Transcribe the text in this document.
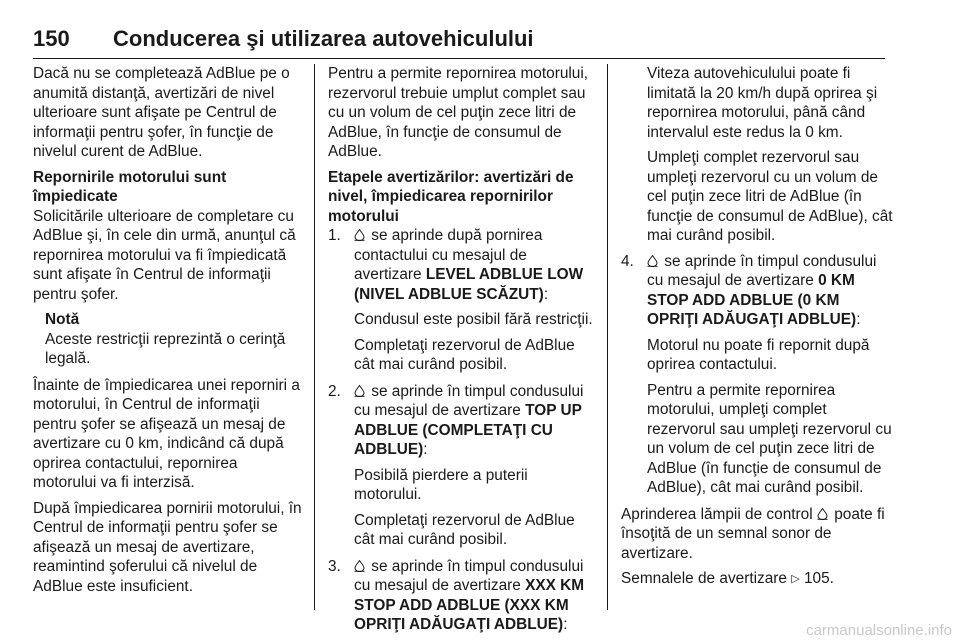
150 Conducerea şi utilizarea autovehiculului

Dacă nu se completează AdBlue pe o anumită distanţă, avertizări de nivel ulterioare sunt afişate pe Centrul de informaţii pentru şofer, în funcţie de nivelul curent de AdBlue.

Repornirile motorului sunt
împiedicate

Solicitările ulterioare de completare cu AdBlue şi, în cele din urmă, anunţul că repornirea motorului va fi împiedicată sunt afişate în Centrul de informaţii pentru şofer.

Notă

Aceste restricţii reprezintă o cerinţă legală.

Înainte de împiedicarea unei reporniri a motorului, în Centrul de informaţii pentru şofer se afişează un mesaj de avertizare cu 0 km, indicând că după oprirea contactului, repornirea motorului va fi interzisă.

După împiedicarea pornirii motorului, în Centrul de informaţii pentru şofer se afişează un mesaj de avertizare, reamintind şoferului că nivelul de AdBlue este insuficient.

Pentru a permite repornirea motorului, rezervorul trebuie umplut complet sau cu un volum de cel puţin zece litri de AdBlue, în funcţie de consumul de AdBlue.

Etapele avertizărilor: avertizări de
nivel, împiedicarea repornirilor
motorului

1.	se aprinde după pornirea contactului cu mesajul de avertizare LEVEL ADBLUE LOW (NIVEL ADBLUE SCĂZUT):

Condusul este posibil fără restricţii.

Completaţi rezervorul de AdBlue cât mai curând posibil.

2.	se aprinde în timpul condusului cu mesajul de avertizare TOP UP ADBLUE (COMPLETAŢI CU ADBLUE):

Posibilă pierdere a puterii motorului.

Completaţi rezervorul de AdBlue cât mai curând posibil.

3.	se aprinde în timpul condusului cu mesajul de avertizare XXX KM STOP ADD ADBLUE (XXX KM OPRIŢI ADĂUGAŢI ADBLUE):

Viteza autovehiculului poate fi limitată la 20 km/h după oprirea şi repornirea motorului, până când intervalul este redus la 0 km.

Umpleţi complet rezervorul sau umpleţi rezervorul cu un volum de cel puţin zece litri de AdBlue (în funcţie de consumul de AdBlue), cât mai curând posibil.

4.	se aprinde în timpul condusului cu mesajul de avertizare 0 KM STOP ADD ADBLUE (0 KM OPRIŢI ADĂUGAŢI ADBLUE):

Motorul nu poate fi repornit după oprirea contactului.

Pentru a permite repornirea motorului, umpleţi complet rezervorul sau umpleţi rezervorul cu un volum de cel puţin zece litri de AdBlue (în funcţie de consumul de AdBlue), cât mai curând posibil.

Aprinderea lămpii de control poate fi însoţită de un semnal sonor de avertizare.

Semnalele de avertizare ▷ 105.

carmanualsonline.info
